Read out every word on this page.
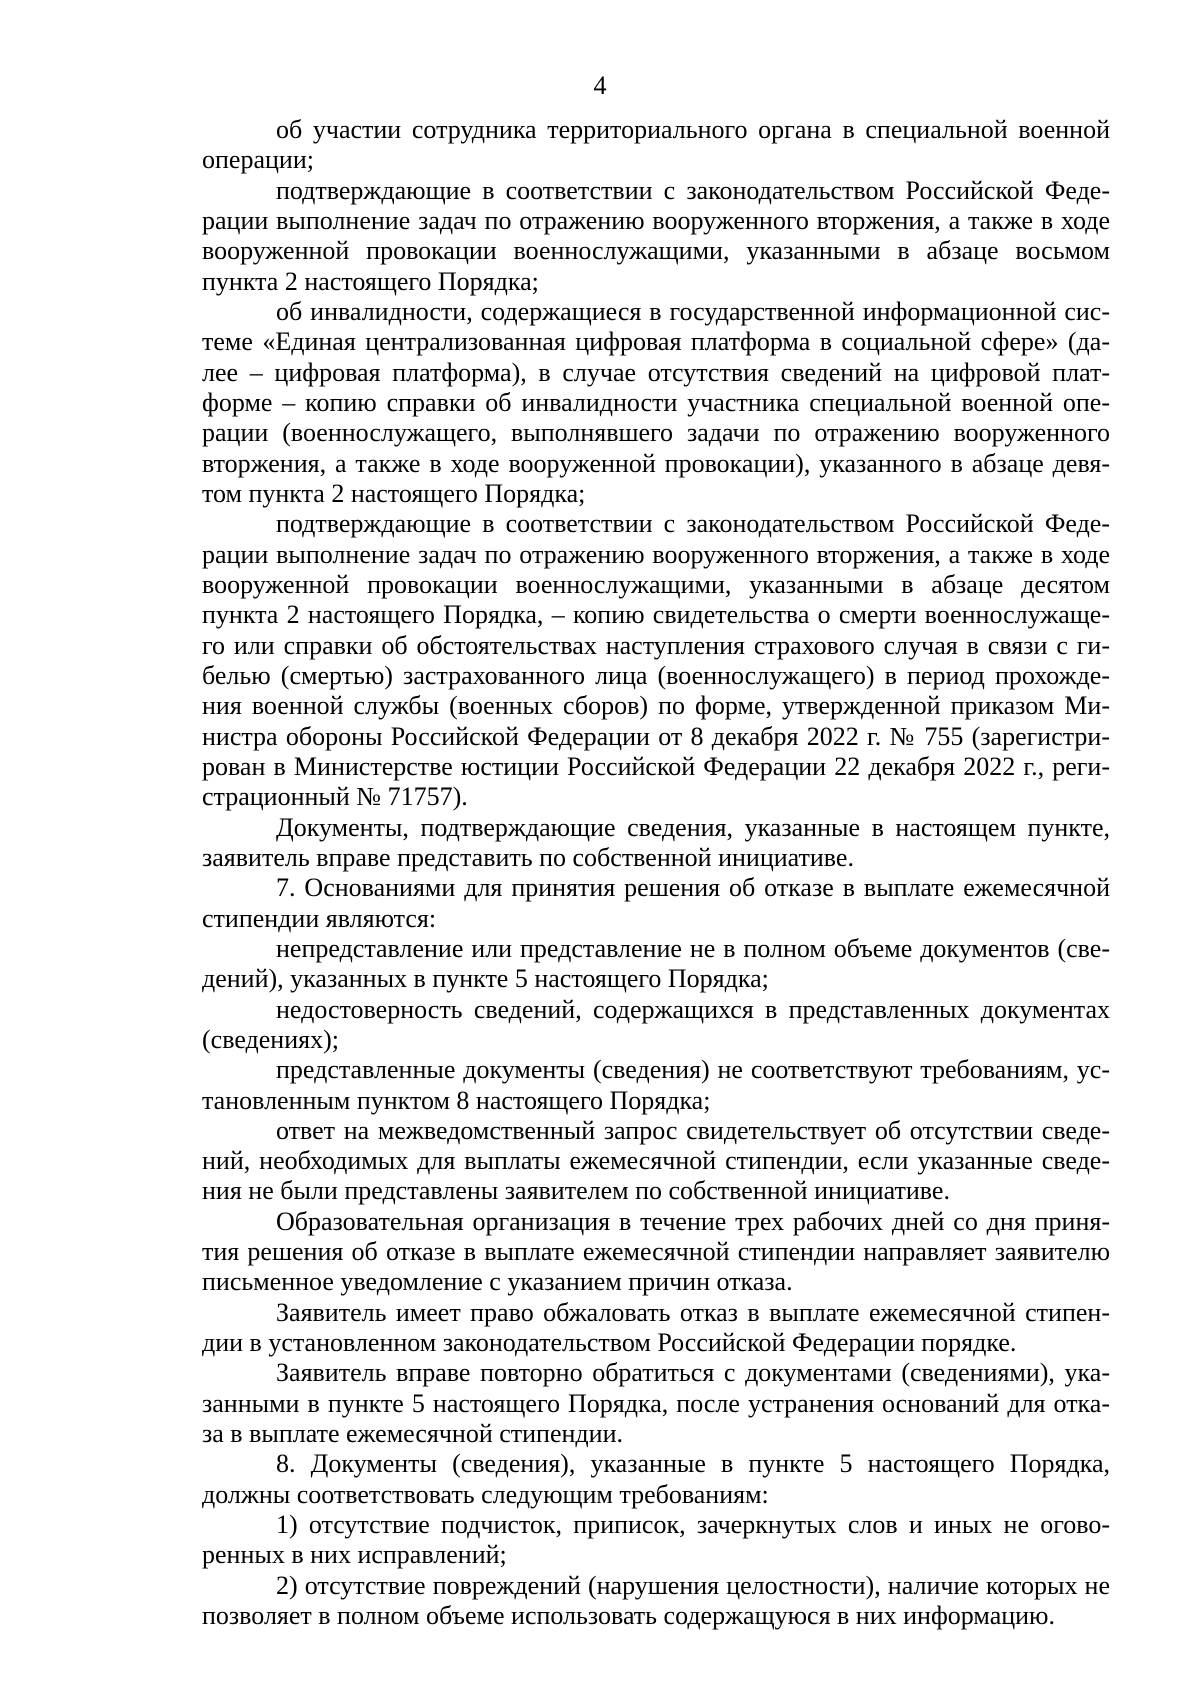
4
об участии сотрудника территориального органа в специальной военной
операции;
подтверждающие в соответствии с законодательством Российской Феде-
рации выполнение задач по отражению вооруженного вторжения, а также в ходе
вооруженной провокации военнослужащими, указанными в абзаце восьмом
пункта 2 настоящего Порядка;
об инвалидности, содержащиеся в государственной информационной сис-
теме «Единая централизованная цифровая платформа в социальной сфере» (да-
лее – цифровая платформа), в случае отсутствия сведений на цифровой плат-
форме – копию справки об инвалидности участника специальной военной опе-
рации (военнослужащего, выполнявшего задачи по отражению вооруженного
вторжения, а также в ходе вооруженной провокации), указанного в абзаце девя-
том пункта 2 настоящего Порядка;
подтверждающие в соответствии с законодательством Российской Феде-
рации выполнение задач по отражению вооруженного вторжения, а также в ходе
вооруженной провокации военнослужащими, указанными в абзаце десятом
пункта 2 настоящего Порядка, – копию свидетельства о смерти военнослужаще-
го или справки об обстоятельствах наступления страхового случая в связи с ги-
белью (смертью) застрахованного лица (военнослужащего) в период прохожде-
ния военной службы (военных сборов) по форме, утвержденной приказом Ми-
нистра обороны Российской Федерации от 8 декабря 2022 г. № 755 (зарегистри-
рован в Министерстве юстиции Российской Федерации 22 декабря 2022 г., реги-
страционный № 71757).
Документы, подтверждающие сведения, указанные в настоящем пункте,
заявитель вправе представить по собственной инициативе.
7. Основаниями для принятия решения об отказе в выплате ежемесячной
стипендии являются:
непредставление или представление не в полном объеме документов (све-
дений), указанных в пункте 5 настоящего Порядка;
недостоверность сведений, содержащихся в представленных документах
(сведениях);
представленные документы (сведения) не соответствуют требованиям, ус-
тановленным пунктом 8 настоящего Порядка;
ответ на межведомственный запрос свидетельствует об отсутствии сведе-
ний, необходимых для выплаты ежемесячной стипендии, если указанные сведе-
ния не были представлены заявителем по собственной инициативе.
Образовательная организация в течение трех рабочих дней со дня приня-
тия решения об отказе в выплате ежемесячной стипендии направляет заявителю
письменное уведомление с указанием причин отказа.
Заявитель имеет право обжаловать отказ в выплате ежемесячной стипен-
дии в установленном законодательством Российской Федерации порядке.
Заявитель вправе повторно обратиться с документами (сведениями), ука-
занными в пункте 5 настоящего Порядка, после устранения оснований для отка-
за в выплате ежемесячной стипендии.
8. Документы (сведения), указанные в пункте 5 настоящего Порядка,
должны соответствовать следующим требованиям:
1) отсутствие подчисток, приписок, зачеркнутых слов и иных не огово-
ренных в них исправлений;
2) отсутствие повреждений (нарушения целостности), наличие которых не
позволяет в полном объеме использовать содержащуюся в них информацию.
